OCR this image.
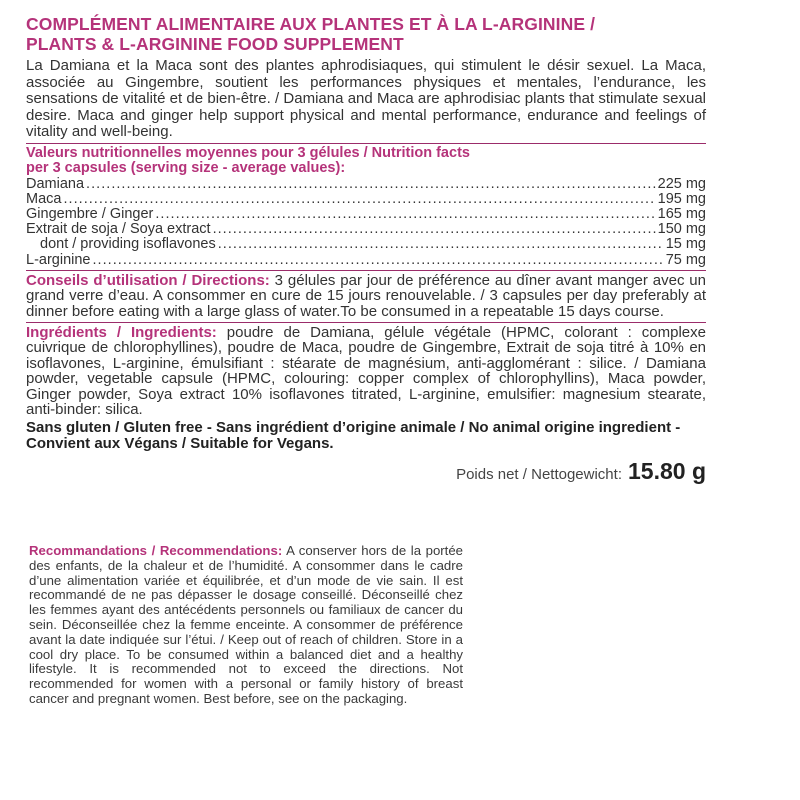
COMPLÉMENT ALIMENTAIRE AUX PLANTES ET À LA L-ARGININE /
PLANTS & L-ARGININE FOOD SUPPLEMENT

La Damiana et la Maca sont des plantes aphrodisiaques, qui stimulent le désir sexuel. La Maca, associée au Gingembre, soutient les performances physiques et mentales, l’endurance, les sensations de vitalité et de bien-être. / Damiana and Maca are aphrodisiac plants that stimulate sexual desire. Maca and ginger help support physical and mental performance, endurance and feelings of vitality and well-being.

Valeurs nutritionnelles moyennes pour 3 gélules / Nutrition facts
per 3 capsules (serving size - average values):

Damiana . . .	225 mg
Maca . . .	195 mg
Gingembre / Ginger . . .	165 mg
Extrait de soja / Soya extract . . .	150 mg
dont / providing isoflavones . . .	15 mg
L-arginine . . .	75 mg

Conseils d’utilisation / Directions: 3 gélules par jour de préférence au dîner avant manger avec un grand verre d’eau. A consommer en cure de 15 jours renouvelable. / 3 capsules per day preferably at dinner before eating with a large glass of water.To be consumed in a repeatable 15 days course.

Ingrédients / Ingredients: poudre de Damiana, gélule végétale (HPMC, colorant : complexe cuivrique de chlorophyllines), poudre de Maca, poudre de Gingembre, Extrait de soja titré à 10% en isoflavones, L-arginine, émulsifiant : stéarate de magnésium, anti-agglomérant : silice. / Damiana powder, vegetable capsule (HPMC, colouring: copper complex of chlorophyllins), Maca powder, Ginger powder, Soya extract 10% isoflavones titrated, L-arginine, emulsifier: magnesium stearate, anti-binder: silica.

Sans gluten / Gluten free - Sans ingrédient d’origine animale / No animal origine ingredient - Convient aux Végans / Suitable for Vegans.

Poids net / Nettogewicht: 15.80 g

Recommandations / Recommendations: A conserver hors de la portée des enfants, de la chaleur et de l’humidité. A consommer dans le cadre d’une alimentation variée et équilibrée, et d’un mode de vie sain. Il est recommandé de ne pas dépasser le dosage conseillé. Déconseillé chez les femmes ayant des antécédents personnels ou familiaux de cancer du sein. Déconseillée chez la femme enceinte. A consommer de préférence avant la date indiquée sur l’étui. / Keep out of reach of children. Store in a cool dry place. To be consumed within a balanced diet and a healthy lifestyle. It is recommended not to exceed the directions. Not recommended for women with a personal or family history of breast cancer and pregnant women. Best before, see on the packaging.
